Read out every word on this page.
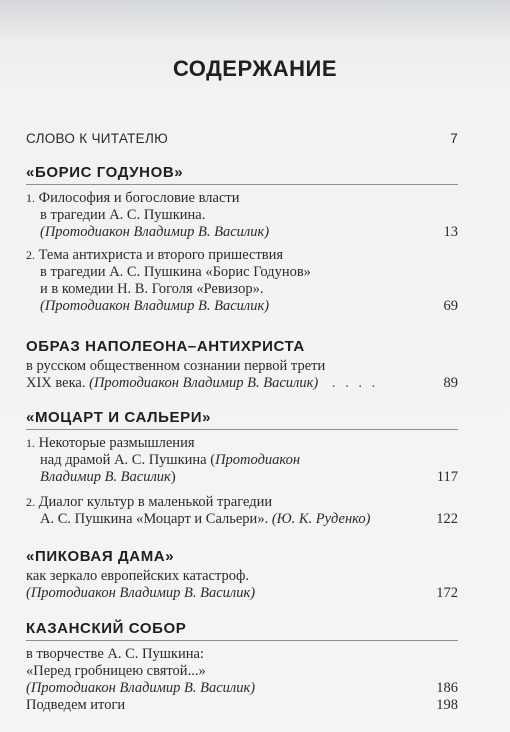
СОДЕРЖАНИЕ
СЛОВО К ЧИТАТЕЛЮ	7
«БОРИС ГОДУНОВ»
1. Философия и богословие власти
в трагедии А. С. Пушкина.
(Протодиакон Владимир В. Василик)	13
2. Тема антихриста и второго пришествия
в трагедии А. С. Пушкина «Борис Годунов»
и в комедии Н. В. Гоголя «Ревизор».
(Протодиакон Владимир В. Василик)	69
ОБРАЗ НАПОЛЕОНА–АНТИХРИСТА
в русском общественном сознании первой трети
XIX века. (Протодиакон Владимир В. Василик) . . . .	89
«МОЦАРТ И САЛЬЕРИ»
1. Некоторые размышления
над драмой А. С. Пушкина (Протодиакон
Владимир В. Василик)	117
2. Диалог культур в маленькой трагедии
А. С. Пушкина «Моцарт и Сальери». (Ю. К. Руденко)	122
«ПИКОВАЯ ДАМА»
как зеркало европейских катастроф.
(Протодиакон Владимир В. Василик)	172
КАЗАНСКИЙ СОБОР
в творчестве А. С. Пушкина:
«Перед гробницею святой...»
(Протодиакон Владимир В. Василик)	186
Подведем итоги	198
